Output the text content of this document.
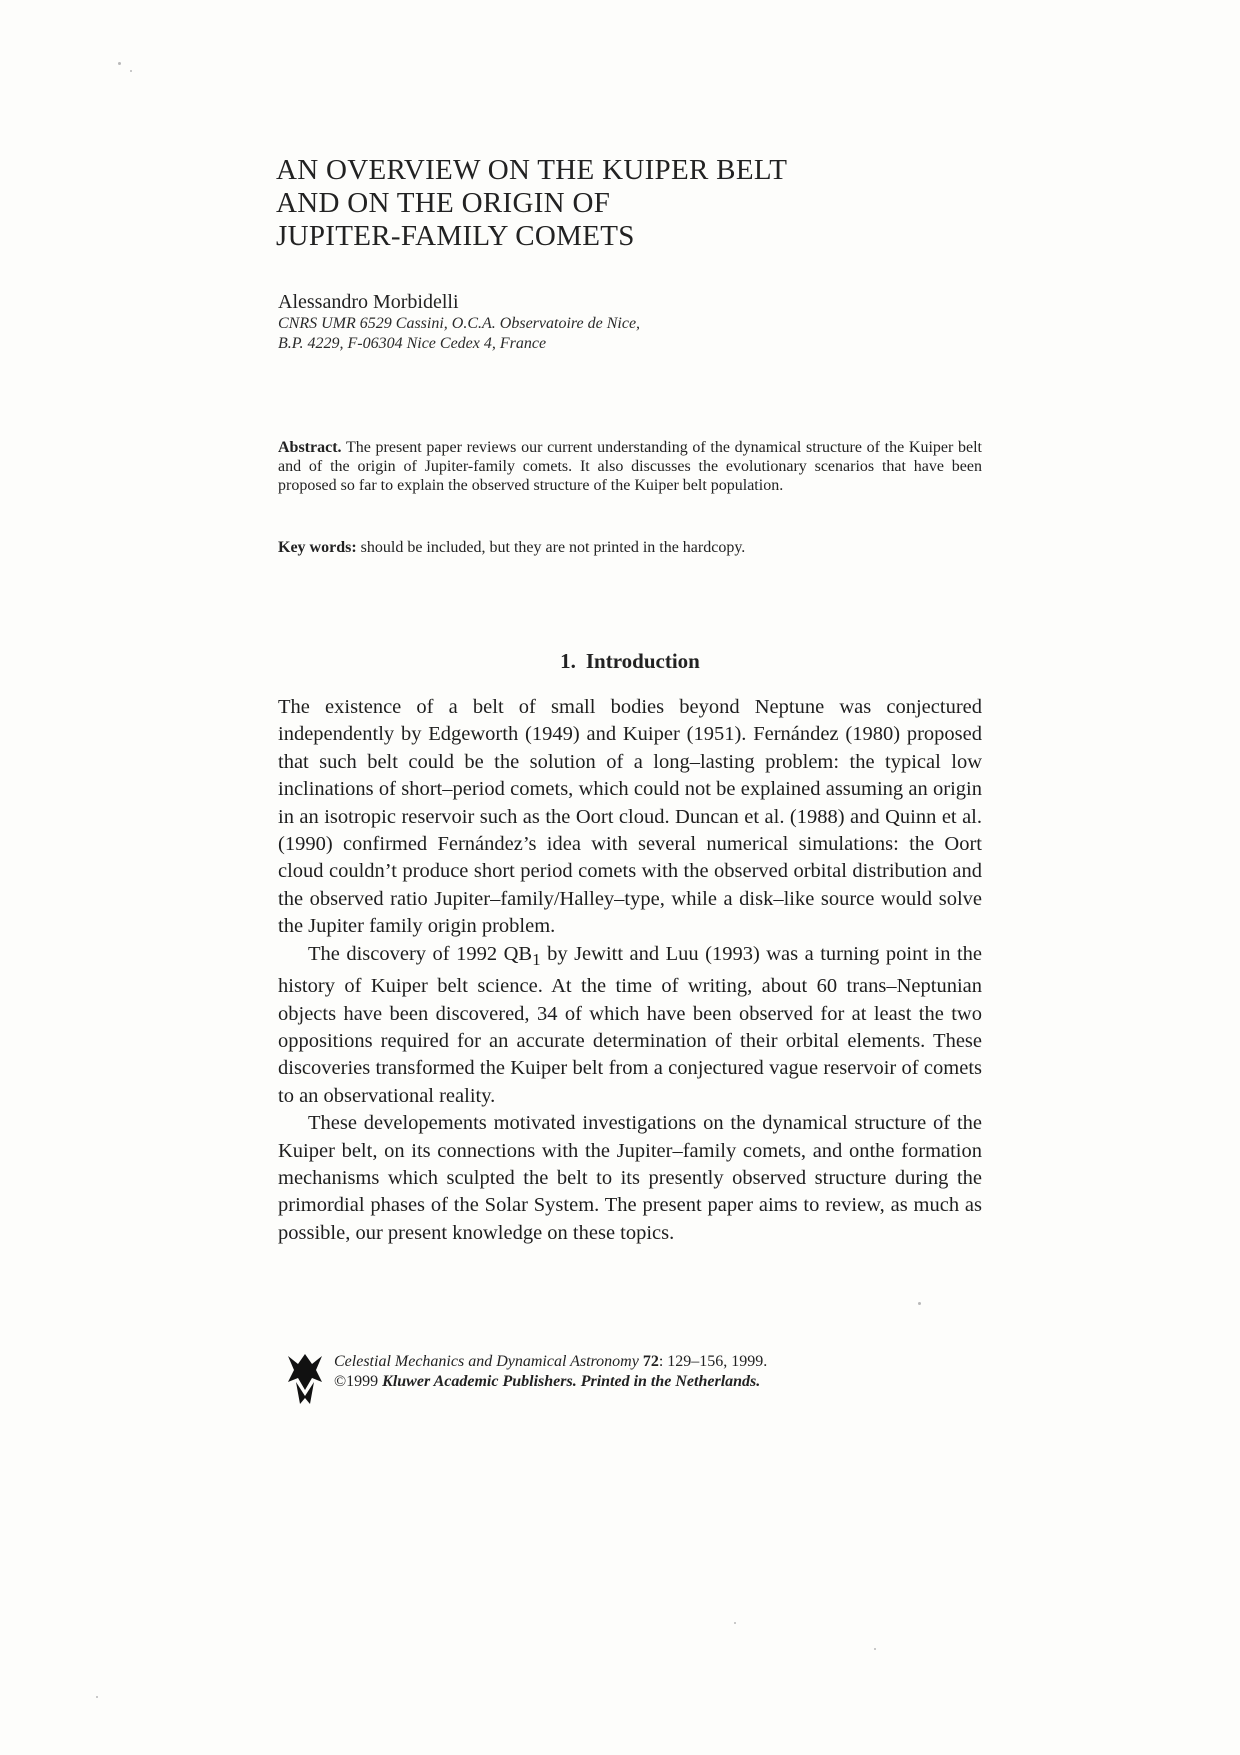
AN OVERVIEW ON THE KUIPER BELT
AND ON THE ORIGIN OF
JUPITER-FAMILY COMETS
Alessandro Morbidelli
CNRS UMR 6529 Cassini, O.C.A. Observatoire de Nice,
B.P. 4229, F-06304 Nice Cedex 4, France
Abstract. The present paper reviews our current understanding of the dynamical structure of the Kuiper belt and of the origin of Jupiter-family comets. It also discusses the evolutionary scenarios that have been proposed so far to explain the observed structure of the Kuiper belt population.
Key words: should be included, but they are not printed in the hardcopy.
1. Introduction

The existence of a belt of small bodies beyond Neptune was conjectured independently by Edgeworth (1949) and Kuiper (1951). Fernández (1980) proposed that such belt could be the solution of a long–lasting problem: the typical low inclinations of short–period comets, which could not be explained assuming an origin in an isotropic reservoir such as the Oort cloud. Duncan et al. (1988) and Quinn et al. (1990) confirmed Fernández’s idea with several numerical simulations: the Oort cloud couldn’t produce short period comets with the observed orbital distribution and the observed ratio Jupiter–family/Halley–type, while a disk–like source would solve the Jupiter family origin problem.

The discovery of 1992 $QB_1$ by Jewitt and Luu (1993) was a turning point in the history of Kuiper belt science. At the time of writing, about 60 trans–Neptunian objects have been discovered, 34 of which have been observed for at least the two oppositions required for an accurate determination of their orbital elements. These discoveries transformed the Kuiper belt from a conjectured vague reservoir of comets to an observational reality.

These developements motivated investigations on the dynamical structure of the Kuiper belt, on its connections with the Jupiter–family comets, and onthe formation mechanisms which sculpted the belt to its presently observed structure during the primordial phases of the Solar System. The present paper aims to review, as much as possible, our present knowledge on these topics.

Celestial Mechanics and Dynamical Astronomy 72: 129–156, 1999.
©1999 Kluwer Academic Publishers. Printed in the Netherlands.
